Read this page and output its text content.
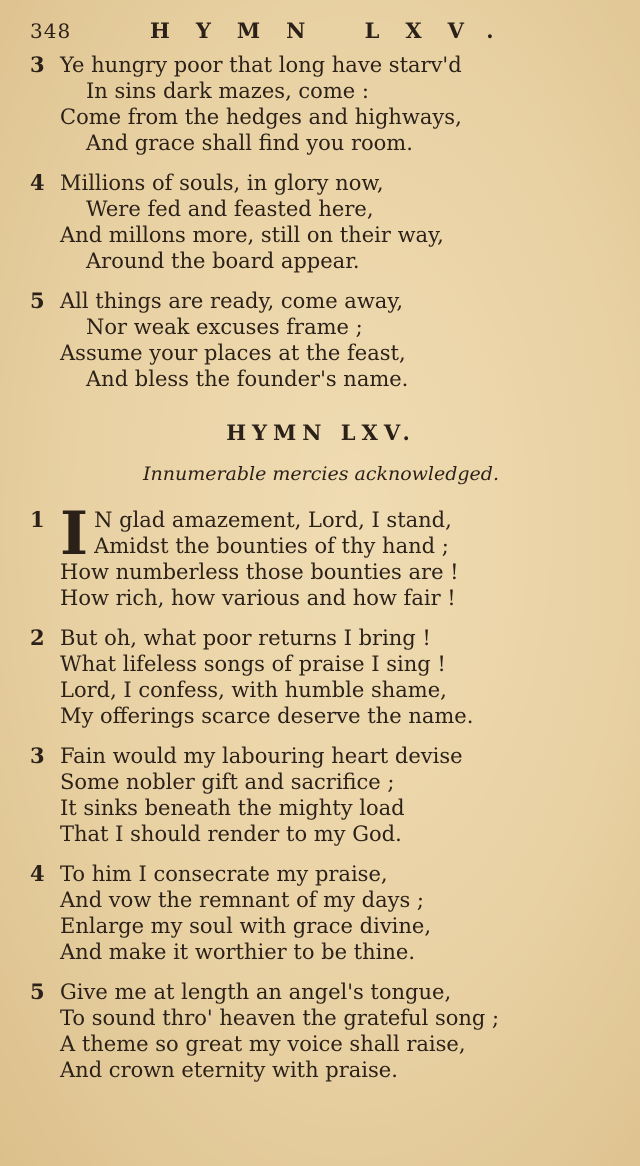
348	HYMN LXV.
3 Ye hungry poor that long have starv'd
In sins dark mazes, come :
Come from the hedges and highways,
And grace shall find you room.
4 Millions of souls, in glory now,
Were fed and feasted here,
And millons more, still on their way,
Around the board appear.
5 All things are ready, come away,
Nor weak excuses frame ;
Assume your places at the feast,
And bless the founder's name.
HYMN LXV.
Innumerable mercies acknowledged.
1 I N glad amazement, Lord, I stand,
Amidst the bounties of thy hand ;
How numberless those bounties are !
How rich, how various and how fair !
2 But oh, what poor returns I bring !
What lifeless songs of praise I sing !
Lord, I confess, with humble shame,
My offerings scarce deserve the name.
3 Fain would my labouring heart devise
Some nobler gift and sacrifice ;
It sinks beneath the mighty load
That I should render to my God.
4 To him I consecrate my praise,
And vow the remnant of my days ;
Enlarge my soul with grace divine,
And make it worthier to be thine.
5 Give me at length an angel's tongue,
To sound thro' heaven the grateful song ;
A theme so great my voice shall raise,
And crown eternity with praise.
